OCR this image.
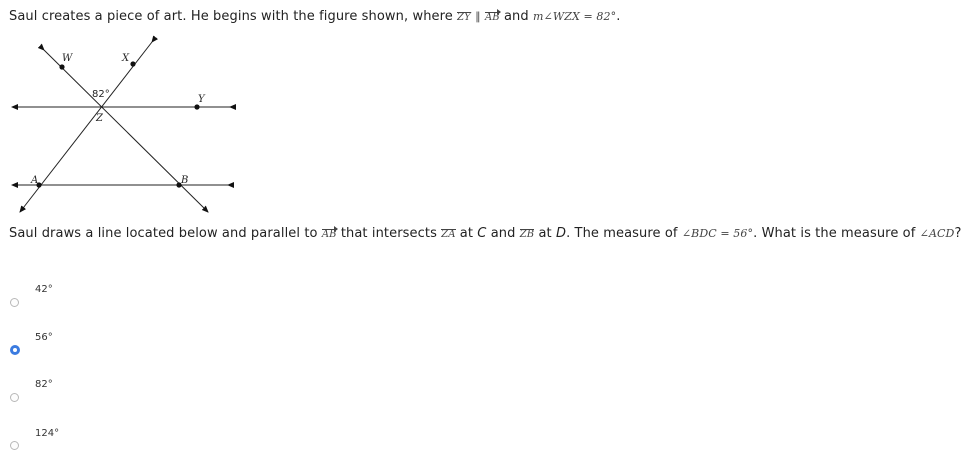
Saul creates a piece of art. He begins with the figure shown, where ZY ∥ AB and m∠WZX = 82°.
W	X
Y
Z
A	B
82°
Saul draws a line located below and parallel to AB that intersects ZA at C and ZB at D. The measure of ∠BDC = 56°. What is the measure of ∠ACD?
42°
56°
82°
124°
